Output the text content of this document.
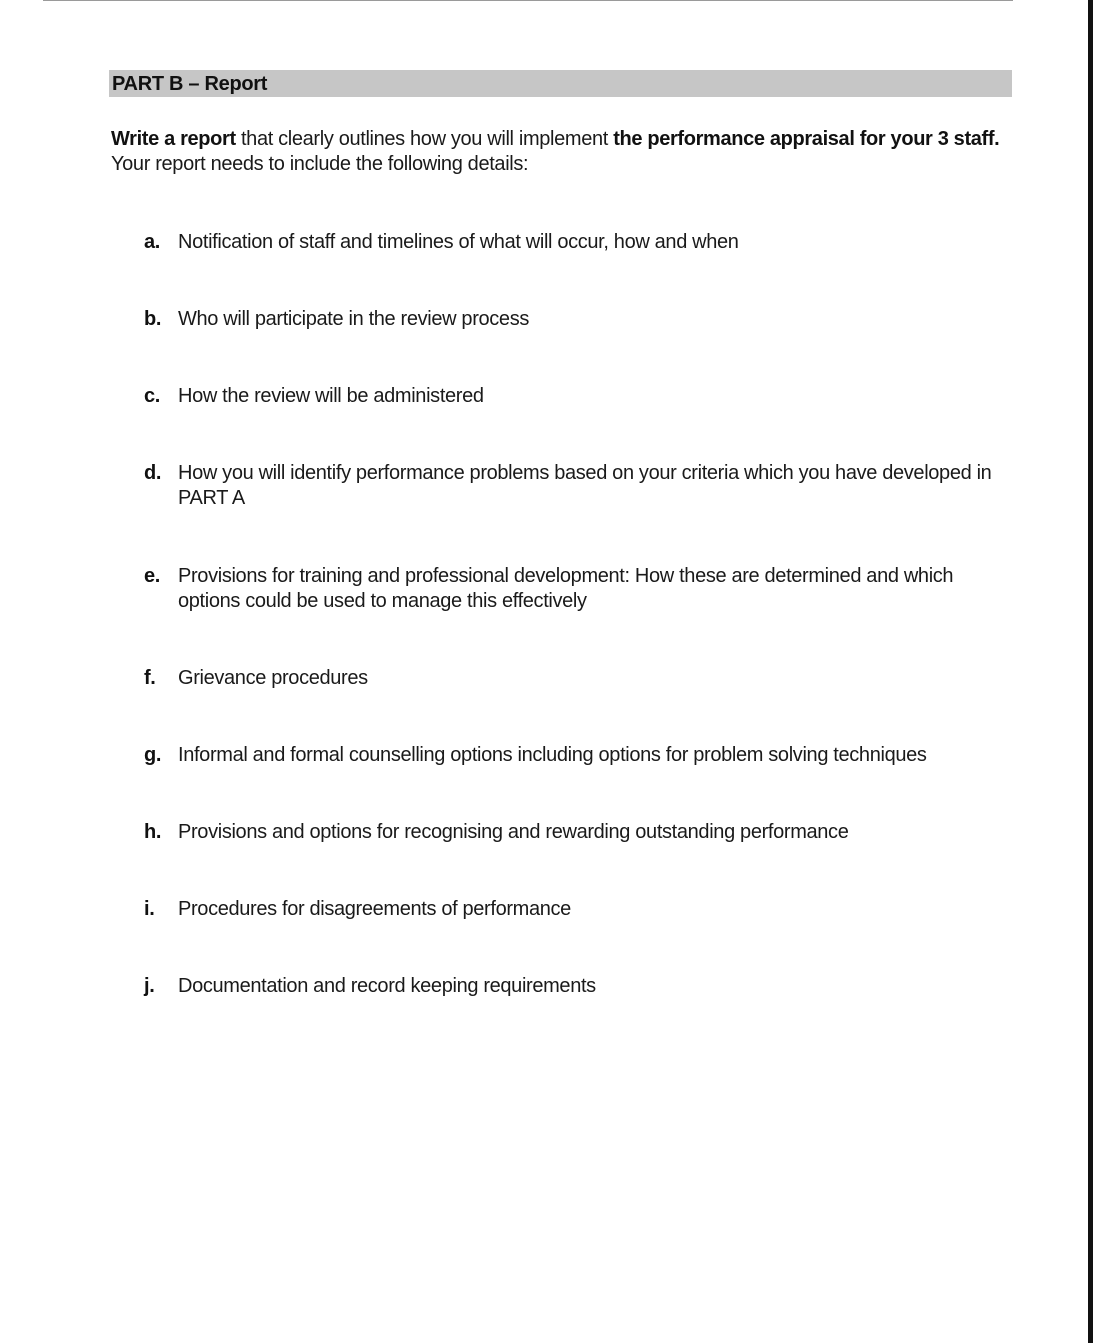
PART B – Report

Write a report that clearly outlines how you will implement the performance appraisal for your 3 staff. Your report needs to include the following details:

a. Notification of staff and timelines of what will occur, how and when
b. Who will participate in the review process
c. How the review will be administered
d. How you will identify performance problems based on your criteria which you have developed in PART A
e. Provisions for training and professional development: How these are determined and which options could be used to manage this effectively
f. Grievance procedures
g. Informal and formal counselling options including options for problem solving techniques
h. Provisions and options for recognising and rewarding outstanding performance
i. Procedures for disagreements of performance
j. Documentation and record keeping requirements
